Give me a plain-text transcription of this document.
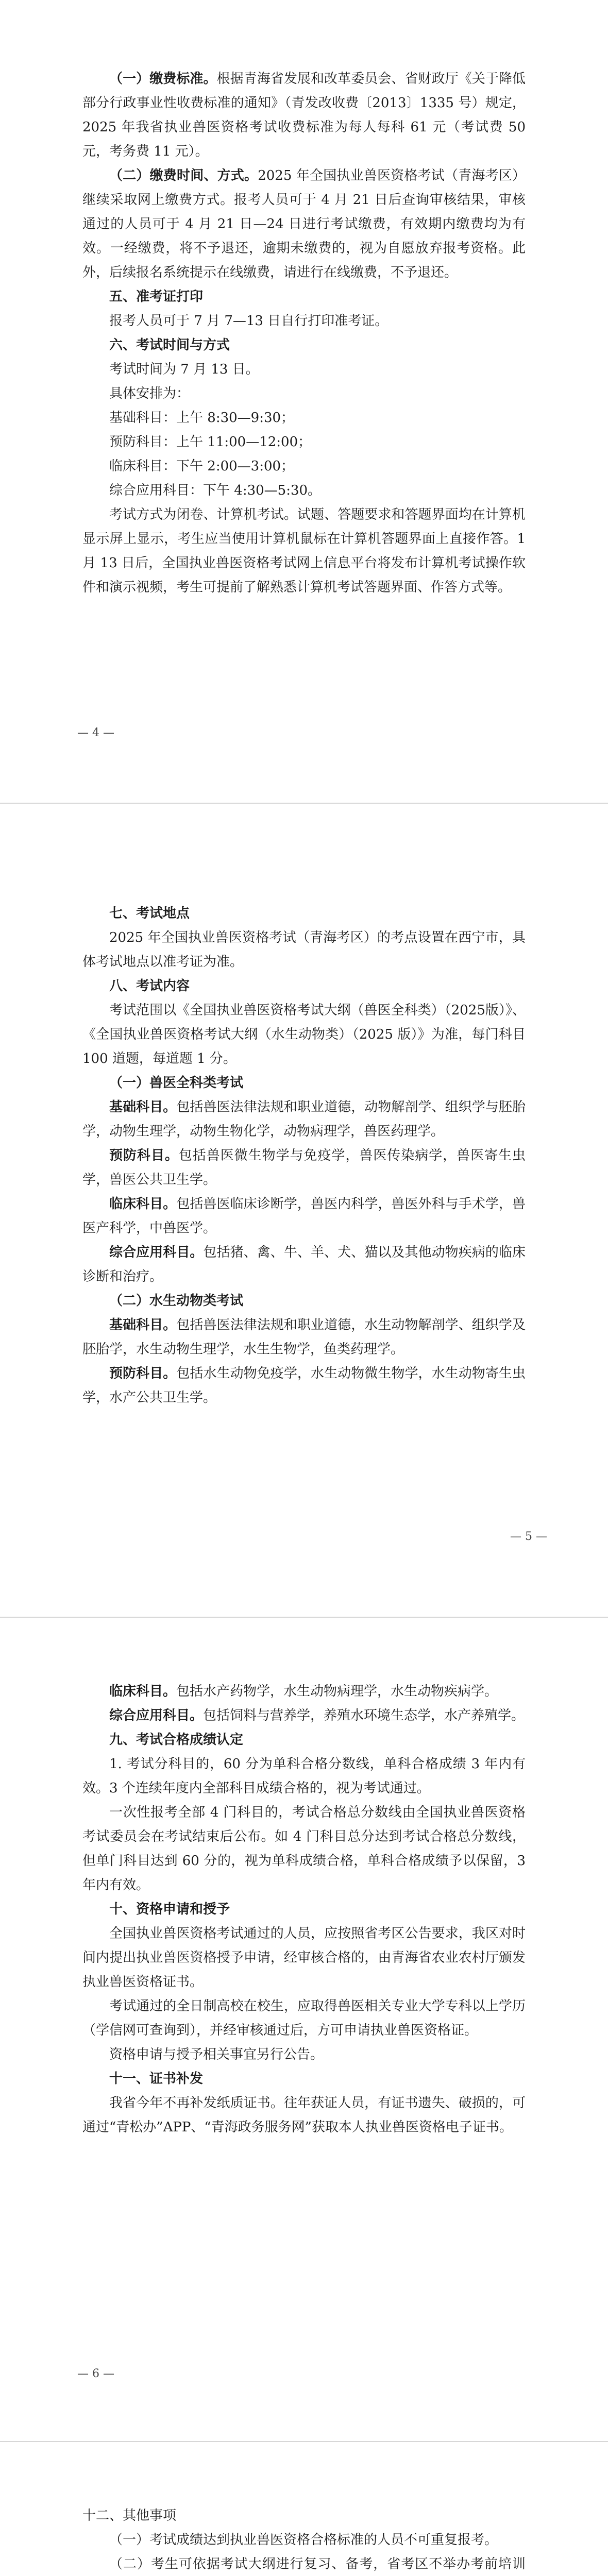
（一）缴费标准。根据青海省发展和改革委员会、省财政厅《关于降低部分行政事业性收费标准的通知》（青发改收费〔2013〕1335 号）规定，2025 年我省执业兽医资格考试收费标准为每人每科 61 元（考试费 50 元，考务费 11 元）。

（二）缴费时间、方式。2025 年全国执业兽医资格考试（青海考区）继续采取网上缴费方式。报考人员可于 4 月 21 日后查询审核结果，审核通过的人员可于 4 月 21 日—24 日进行考试缴费，有效期内缴费均为有效。一经缴费，将不予退还，逾期未缴费的，视为自愿放弃报考资格。此外，后续报名系统提示在线缴费，请进行在线缴费，不予退还。

五、准考证打印

报考人员可于 7 月 7—13 日自行打印准考证。

六、考试时间与方式

考试时间为 7 月 13 日。

具体安排为：

基础科目：上午 8:30—9:30；

预防科目：上午 11:00—12:00；

临床科目：下午 2:00—3:00；

综合应用科目：下午 4:30—5:30。

考试方式为闭卷、计算机考试。试题、答题要求和答题界面均在计算机显示屏上显示，考生应当使用计算机鼠标在计算机答题界面上直接作答。1 月 13 日后，全国执业兽医资格考试网上信息平台将发布计算机考试操作软件和演示视频，考生可提前了解熟悉计算机考试答题界面、作答方式等。

— 4 —

七、考试地点

2025 年全国执业兽医资格考试（青海考区）的考点设置在西宁市，具体考试地点以准考证为准。

八、考试内容

考试范围以《全国执业兽医资格考试大纲（兽医全科类）（2025版）》、《全国执业兽医资格考试大纲（水生动物类）（2025 版）》为准，每门科目 100 道题，每道题 1 分。

（一）兽医全科类考试

基础科目。包括兽医法律法规和职业道德，动物解剖学、组织学与胚胎学，动物生理学，动物生物化学，动物病理学，兽医药理学。

预防科目。包括兽医微生物学与免疫学，兽医传染病学，兽医寄生虫学，兽医公共卫生学。

临床科目。包括兽医临床诊断学，兽医内科学，兽医外科与手术学，兽医产科学，中兽医学。

综合应用科目。包括猪、禽、牛、羊、犬、猫以及其他动物疾病的临床诊断和治疗。

（二）水生动物类考试

基础科目。包括兽医法律法规和职业道德，水生动物解剖学、组织学及胚胎学，水生动物生理学，水生生物学，鱼类药理学。

预防科目。包括水生动物免疫学，水生动物微生物学，水生动物寄生虫学，水产公共卫生学。

— 5 —

临床科目。包括水产药物学，水生动物病理学，水生动物疾病学。

综合应用科目。包括饲料与营养学，养殖水环境生态学，水产养殖学。

九、考试合格成绩认定

1. 考试分科目的，60 分为单科合格分数线，单科合格成绩 3 年内有效。3 个连续年度内全部科目成绩合格的，视为考试通过。

一次性报考全部 4 门科目的，考试合格总分数线由全国执业兽医资格考试委员会在考试结束后公布。如 4 门科目总分达到考试合格总分数线，但单门科目达到 60 分的，视为单科成绩合格，单科合格成绩予以保留，3 年内有效。

十、资格申请和授予

全国执业兽医资格考试通过的人员，应按照省考区公告要求，我区对时间内提出执业兽医资格授予申请，经审核合格的，由青海省农业农村厅颁发执业兽医资格证书。

考试通过的全日制高校在校生，应取得兽医相关专业大学专科以上学历（学信网可查询到），并经审核通过后，方可申请执业兽医资格证。

资格申请与授予相关事宜另行公告。

十一、证书补发

我省今年不再补发纸质证书。往年获证人员，有证书遗失、破损的，可通过“青松办”APP、“青海政务服务网”获取本人执业兽医资格电子证书。

— 6 —

十二、其他事项

（一）考试成绩达到执业兽医资格合格标准的人员不可重复报考。

（二）考生可依据考试大纲进行复习、备考，省考区不举办考前培训
